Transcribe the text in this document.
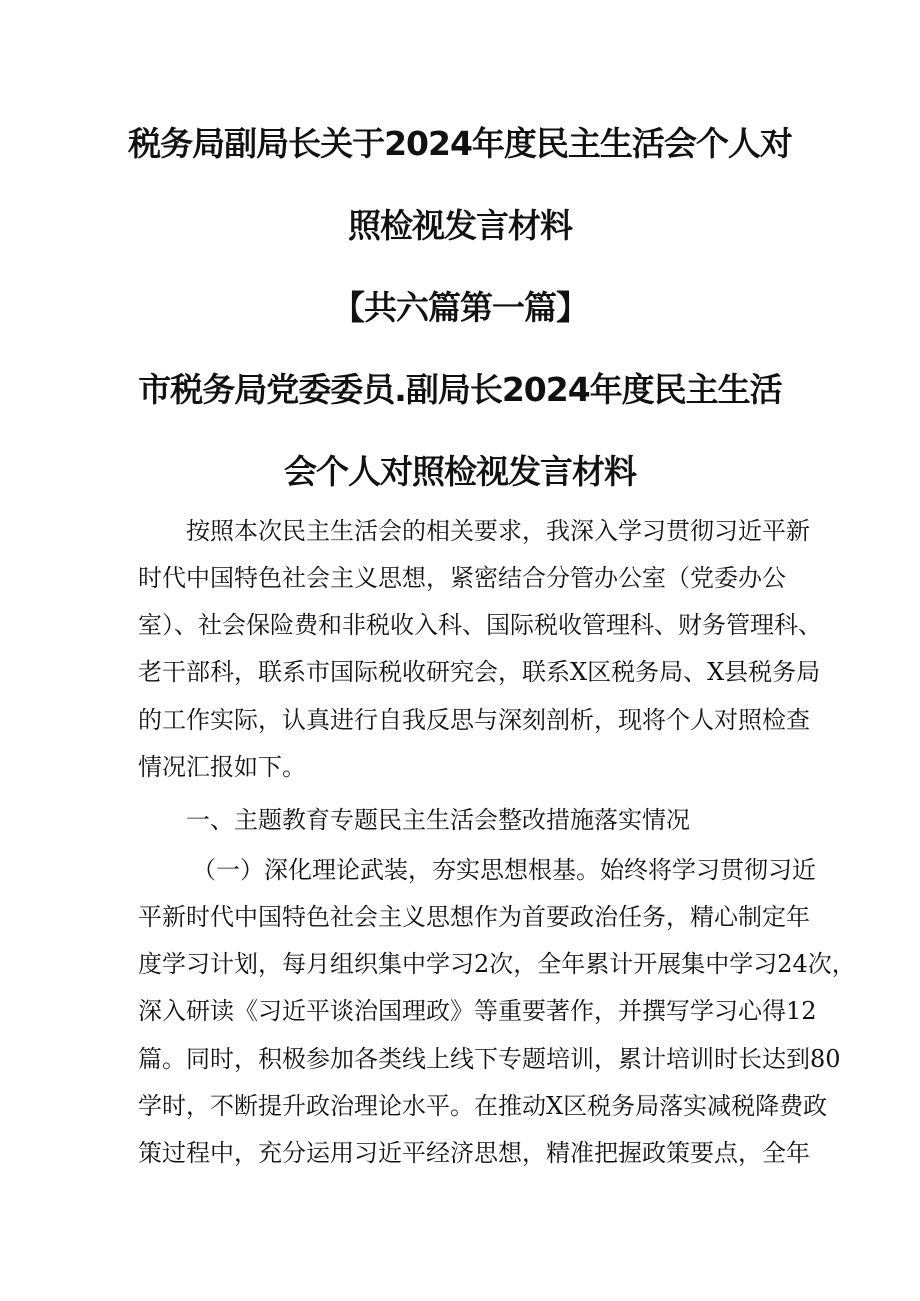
税务局副局长关于2024年度民主生活会个人对
照检视发言材料
【共六篇第一篇】
市税务局党委委员.副局长2024年度民主生活
会个人对照检视发言材料
按照本次民主生活会的相关要求，我深入学习贯彻习近平新
时代中国特色社会主义思想，紧密结合分管办公室（党委办公
室）、社会保险费和非税收入科、国际税收管理科、财务管理科、
老干部科，联系市国际税收研究会，联系X区税务局、X县税务局
的工作实际，认真进行自我反思与深刻剖析，现将个人对照检查
情况汇报如下。
一、主题教育专题民主生活会整改措施落实情况
（一）深化理论武装，夯实思想根基。始终将学习贯彻习近
平新时代中国特色社会主义思想作为首要政治任务，精心制定年
度学习计划，每月组织集中学习2次，全年累计开展集中学习24次，
深入研读《习近平谈治国理政》等重要著作，并撰写学习心得12
篇。同时，积极参加各类线上线下专题培训，累计培训时长达到80
学时，不断提升政治理论水平。在推动X区税务局落实减税降费政
策过程中，充分运用习近平经济思想，精准把握政策要点，全年
